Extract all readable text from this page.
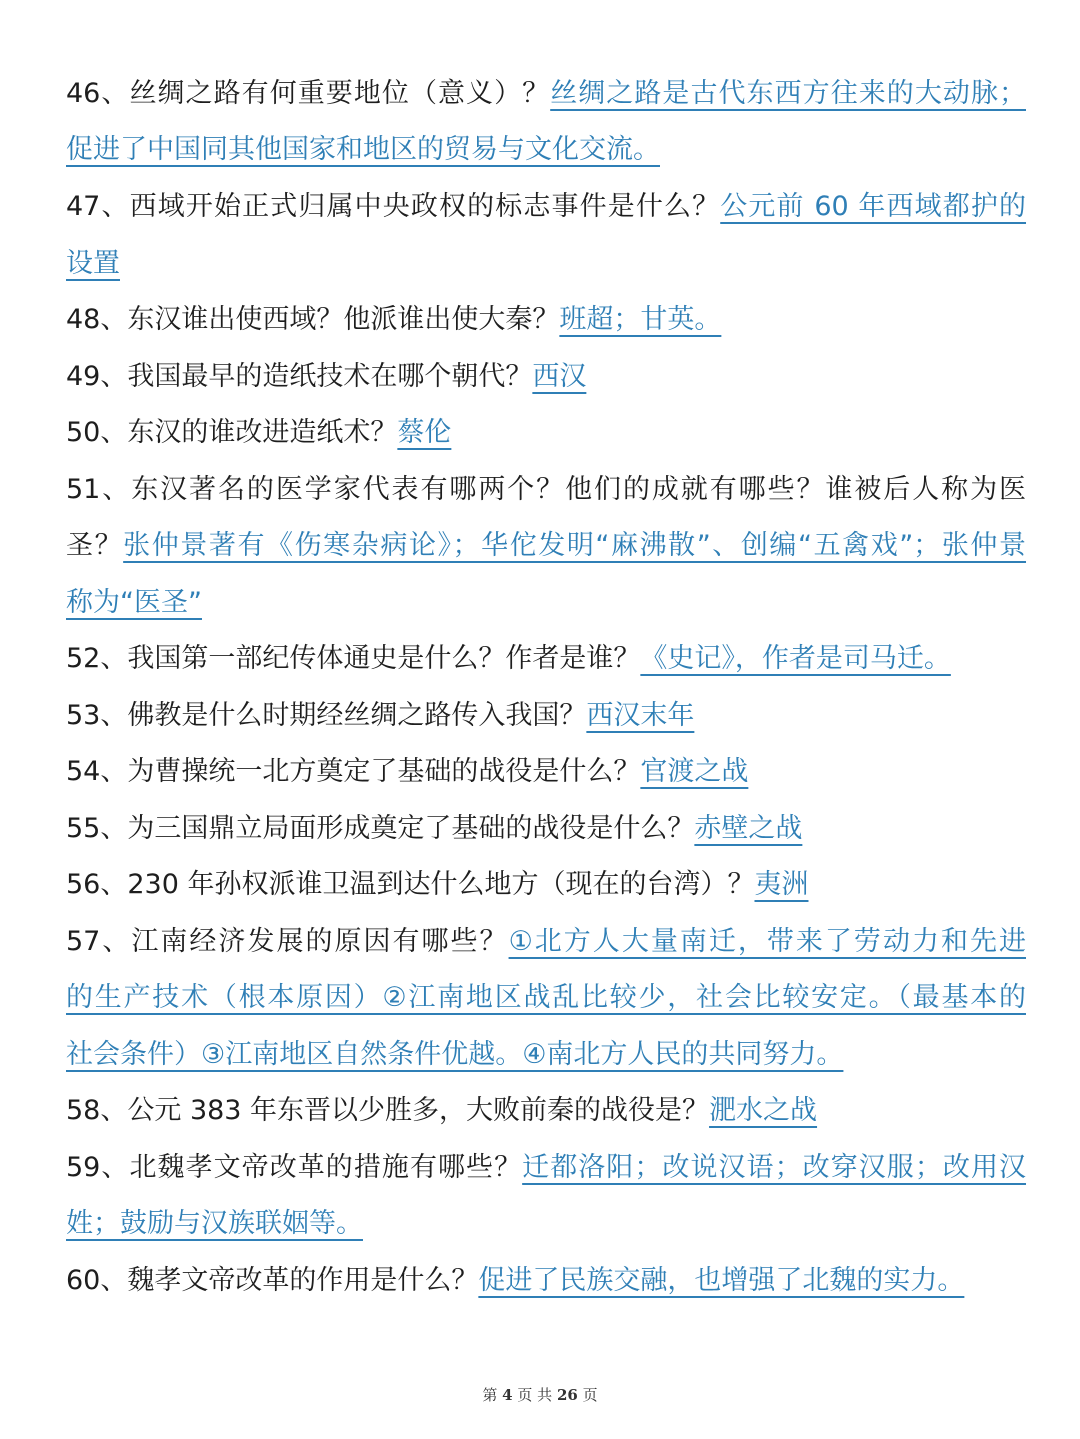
46、丝绸之路有何重要地位（意义）？丝绸之路是古代东西方往来的大动脉；
促进了中国同其他国家和地区的贸易与文化交流。
47、西域开始正式归属中央政权的标志事件是什么？公元前 60 年西域都护的
设置
48、东汉谁出使西域？他派谁出使大秦？班超；甘英。
49、我国最早的造纸技术在哪个朝代？西汉
50、东汉的谁改进造纸术？蔡伦
51、东汉著名的医学家代表有哪两个？他们的成就有哪些？谁被后人称为医
圣？张仲景著有《伤寒杂病论》；华佗发明“麻沸散”、创编“五禽戏”；张仲景
称为“医圣”
52、我国第一部纪传体通史是什么？作者是谁？《史记》，作者是司马迁。
53、佛教是什么时期经丝绸之路传入我国？西汉末年
54、为曹操统一北方奠定了基础的战役是什么？官渡之战
55、为三国鼎立局面形成奠定了基础的战役是什么？赤壁之战
56、230 年孙权派谁卫温到达什么地方（现在的台湾）？夷洲
57、江南经济发展的原因有哪些？①北方人大量南迁，带来了劳动力和先进
的生产技术（根本原因）②江南地区战乱比较少，社会比较安定。（最基本的
社会条件）③江南地区自然条件优越。④南北方人民的共同努力。
58、公元 383 年东晋以少胜多，大败前秦的战役是？淝水之战
59、北魏孝文帝改革的措施有哪些？迁都洛阳；改说汉语；改穿汉服；改用汉
姓；鼓励与汉族联姻等。
60、魏孝文帝改革的作用是什么？促进了民族交融，也增强了北魏的实力。
第 4 页 共 26 页
